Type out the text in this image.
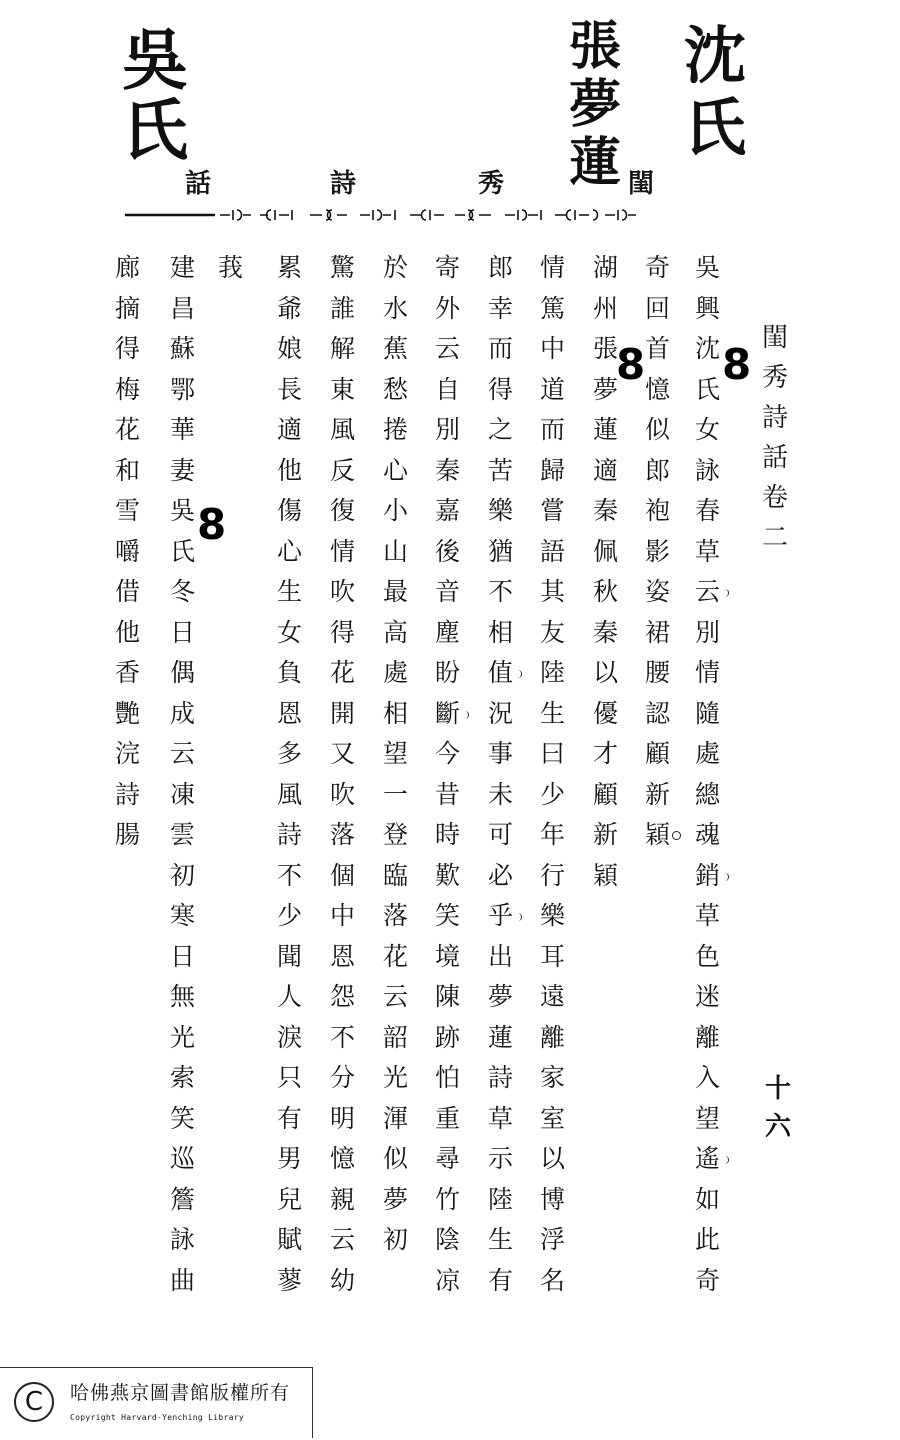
吳
氏
張
夢
蓮
沈
氏
閨
秀
詩
話
閨
秀
詩
話
卷
二
十
六
吳
興
沈
氏
女
詠
春
草
云
別
情
隨
處
總
魂
銷
草
色
迷
離
入
望
遙
如
此
奇
奇
回
首
憶
似
郎
袍
影
姿
裙
腰
認
顧
新
穎
湖
州
張
夢
蓮
適
秦
佩
秋
秦
以
優
才
顧
新
穎
情
篤
中
道
而
歸
嘗
語
其
友
陸
生
曰
少
年
行
樂
耳
遠
離
家
室
以
博
浮
名
郎
幸
而
得
之
苦
樂
猶
不
相
值
況
事
未
可
必
乎
出
夢
蓮
詩
草
示
陸
生
有
寄
外
云
自
別
秦
嘉
後
音
塵
盼
斷
今
昔
時
歎
笑
境
陳
跡
怕
重
尋
竹
陰
凉
於
水
蕉
愁
捲
心
小
山
最
高
處
相
望
一
登
臨
落
花
云
韶
光
渾
似
夢
初
驚
誰
解
東
風
反
復
情
吹
得
花
開
又
吹
落
個
中
恩
怨
不
分
明
憶
親
云
幼
累
爺
娘
長
適
他
傷
心
生
女
負
恩
多
風
詩
不
少
聞
人
淚
只
有
男
兒
賦
蓼
莪
建
昌
蘇
鄂
華
妻
吳
氏
冬
日
偶
成
云
凍
雲
初
寒
日
無
光
索
笑
巡
簷
詠
曲
廊
摘
得
梅
花
和
雪
嚼
借
他
香
艷
浣
詩
腸
8
8
8
C	哈佛燕京圖書館版權所有
Copyright Harvard-Yenching Library
